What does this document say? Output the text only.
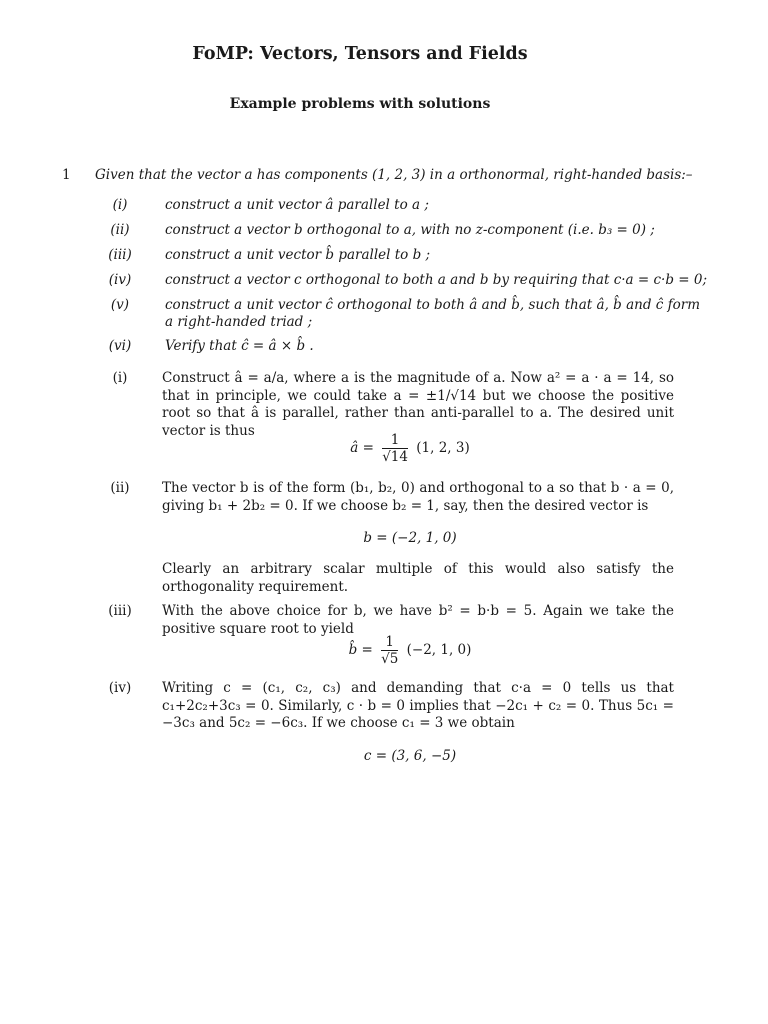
FoMP: Vectors, Tensors and Fields
Example problems with solutions
1 Given that the vector a has components (1, 2, 3) in a orthonormal, right-handed basis:–
(i)	construct a unit vector â parallel to a ;
(ii)	construct a vector b orthogonal to a, with no z-component (i.e. b₃ = 0) ;
(iii)	construct a unit vector b̂ parallel to b ;
(iv)	construct a vector c orthogonal to both a and b by requiring that c·a = c·b = 0;
(v)	construct a unit vector ĉ orthogonal to both â and b̂, such that â, b̂ and ĉ form
a right-handed triad ;
(vi)	Verify that ĉ = â × b̂ .
(i)	Construct â = a/a, where a is the magnitude of a. Now a² = a · a = 14, so that in principle, we could take a = ±1/√14 but we choose the positive root so that â is parallel, rather than anti-parallel to a. The desired unit vector is thus
â = $\frac{1}{√14} (1$, 2, 3)
(ii)	The vector b is of the form (b₁, b₂, 0) and orthogonal to a so that b · a = 0, giving b₁ + 2b₂ = 0. If we choose b₂ = 1, say, then the desired vector is
b = (−2, 1, 0)
Clearly an arbitrary scalar multiple of this would also satisfy the orthogonality requirement.
(iii)	With the above choice for b, we have b² = b·b = 5. Again we take the positive square root to yield
b̂ = $\frac{1}{√5} (-2$, 1, 0)
(iv)	Writing c = (c₁, c₂, c₃) and demanding that c·a = 0 tells us that c₁+2c₂+3c₃ = 0. Similarly, c · b = 0 implies that −2c₁ + c₂ = 0. Thus 5c₁ = −3c₃ and 5c₂ = −6c₃. If we choose c₁ = 3 we obtain
c = (3, 6, −5)
